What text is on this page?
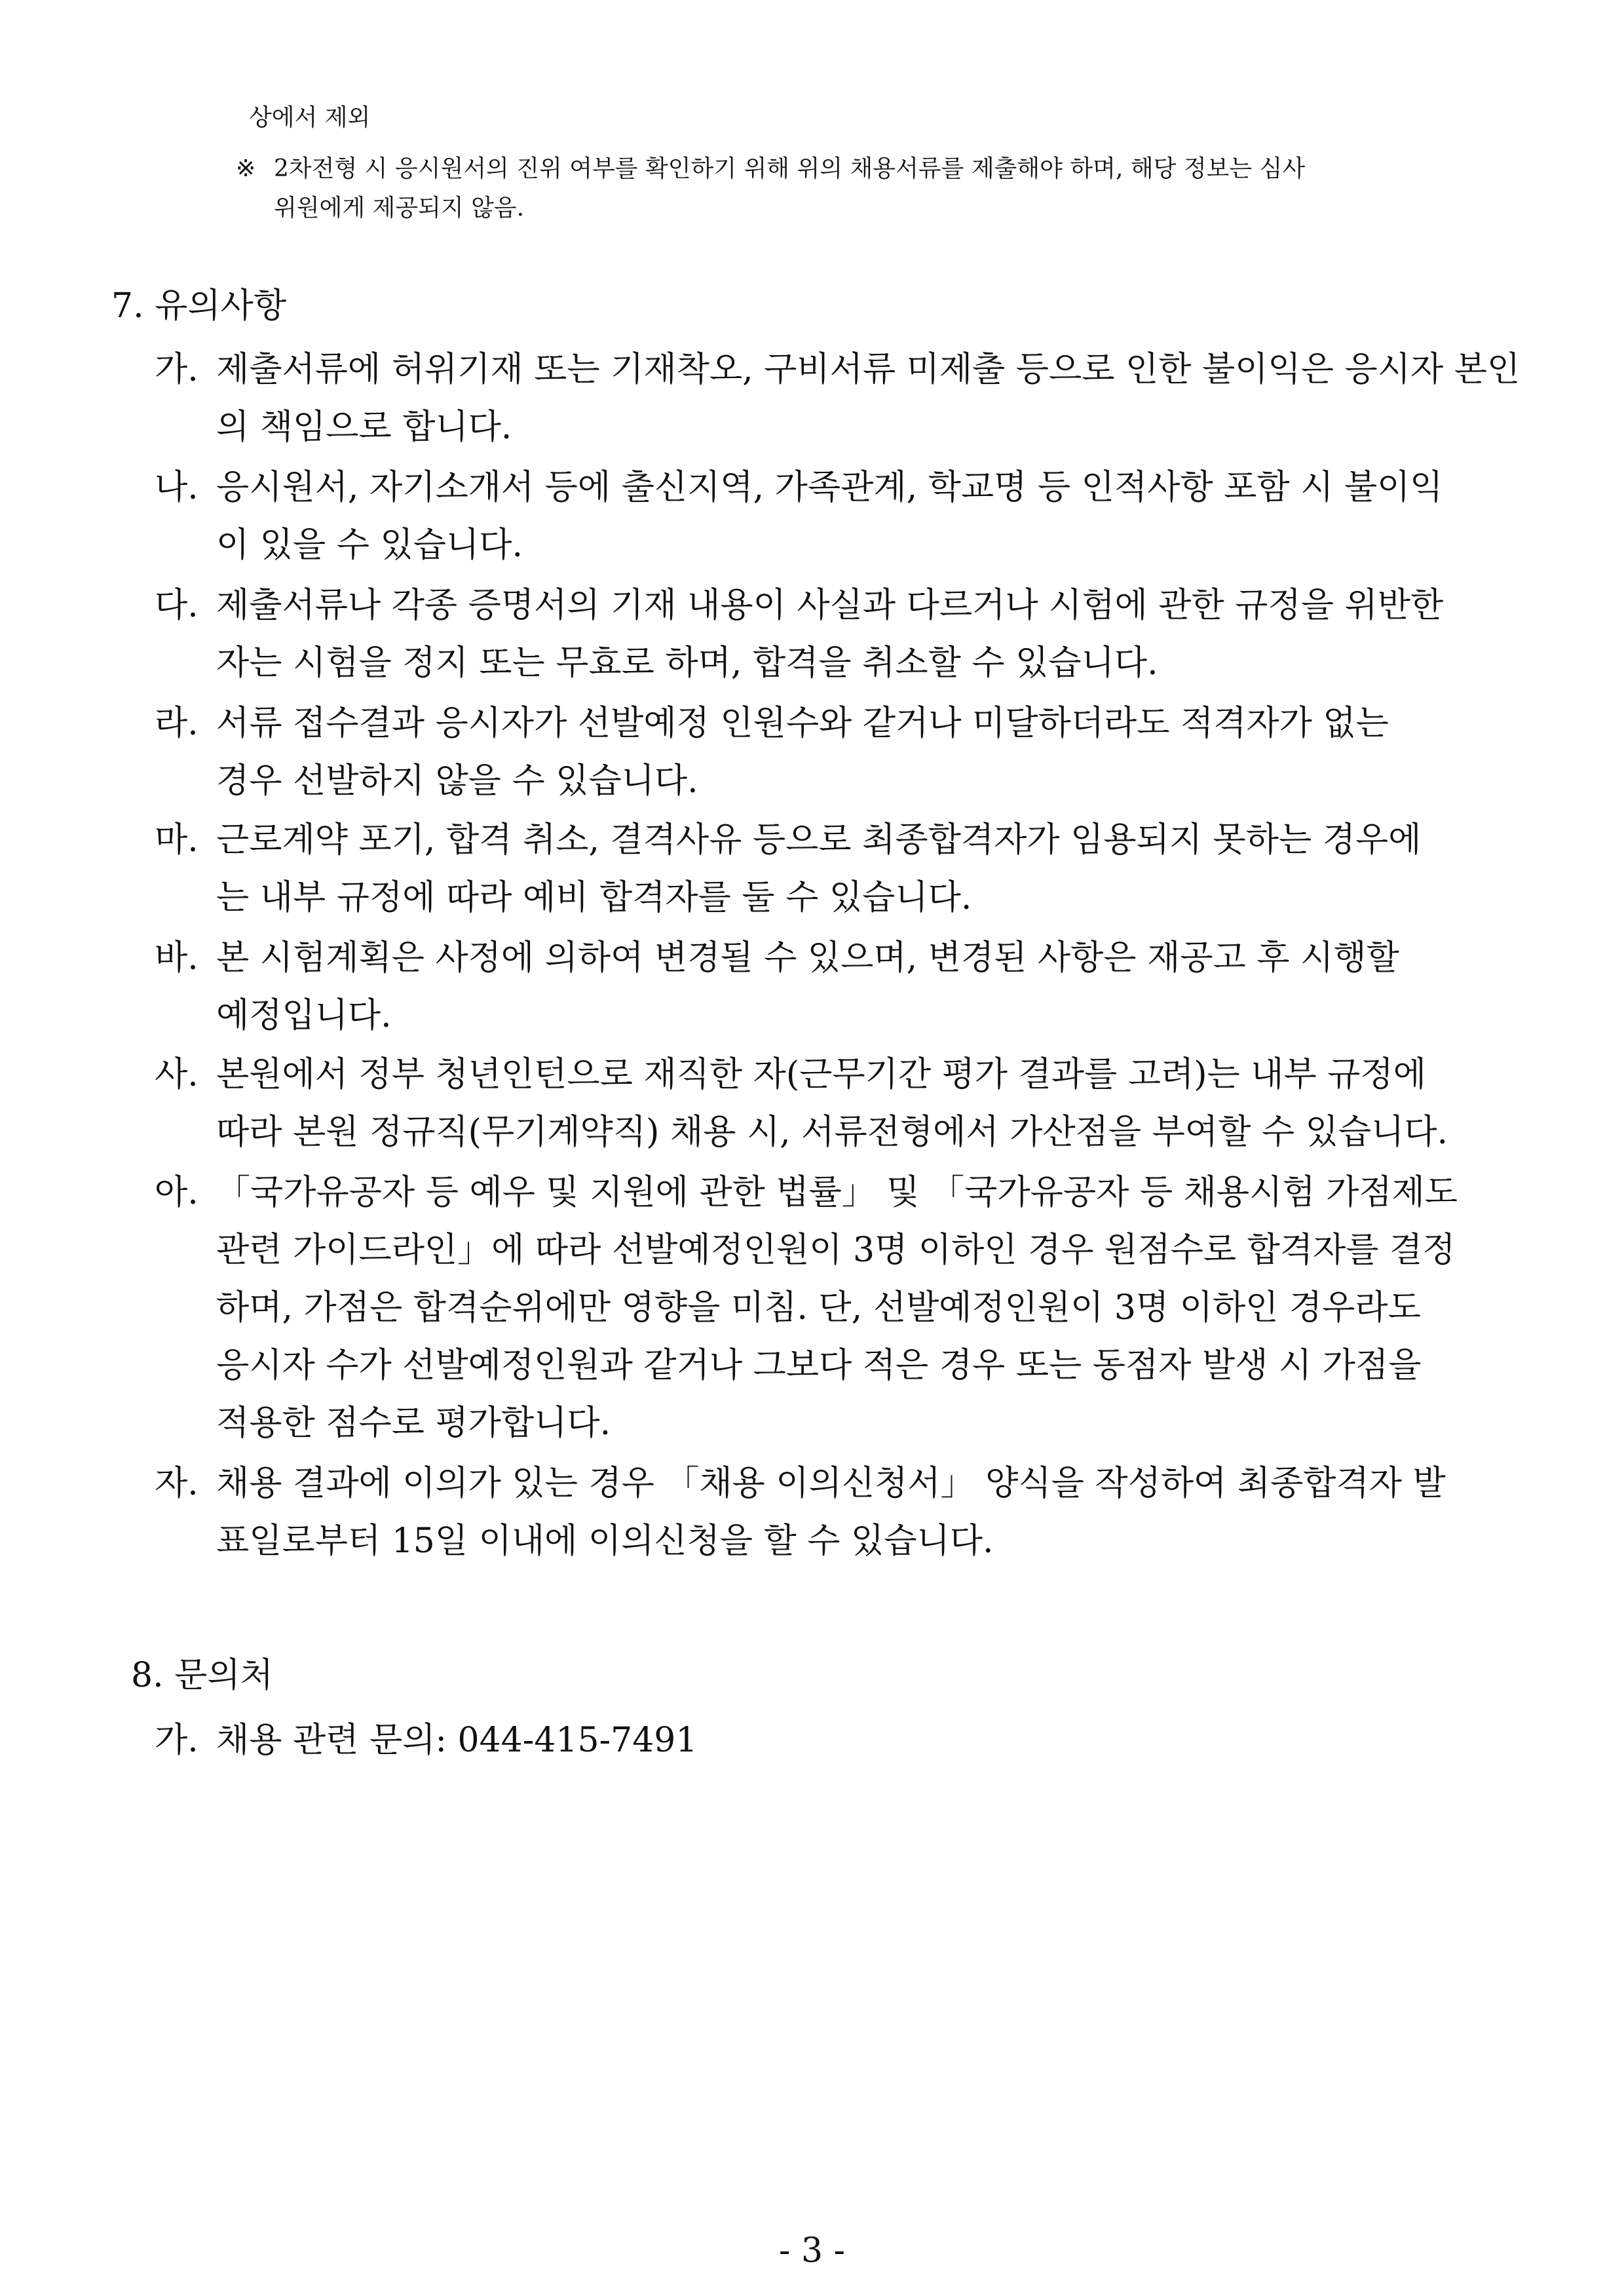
상에서 제외
※ 2차전형 시 응시원서의 진위 여부를 확인하기 위해 위의 채용서류를 제출해야 하며, 해당 정보는 심사
위원에게 제공되지 않음.
7. 유의사항
가. 제출서류에 허위기재 또는 기재착오, 구비서류 미제출 등으로 인한 불이익은 응시자 본인
의 책임으로 합니다.
나. 응시원서, 자기소개서 등에 출신지역, 가족관계, 학교명 등 인적사항 포함 시 불이익
이 있을 수 있습니다.
다. 제출서류나 각종 증명서의 기재 내용이 사실과 다르거나 시험에 관한 규정을 위반한
자는 시험을 정지 또는 무효로 하며, 합격을 취소할 수 있습니다.
라. 서류 접수결과 응시자가 선발예정 인원수와 같거나 미달하더라도 적격자가 없는
경우 선발하지 않을 수 있습니다.
마. 근로계약 포기, 합격 취소, 결격사유 등으로 최종합격자가 임용되지 못하는 경우에
는 내부 규정에 따라 예비 합격자를 둘 수 있습니다.
바. 본 시험계획은 사정에 의하여 변경될 수 있으며, 변경된 사항은 재공고 후 시행할
예정입니다.
사. 본원에서 정부 청년인턴으로 재직한 자(근무기간 평가 결과를 고려)는 내부 규정에
따라 본원 정규직(무기계약직) 채용 시, 서류전형에서 가산점을 부여할 수 있습니다.
아. 「국가유공자 등 예우 및 지원에 관한 법률」 및 「국가유공자 등 채용시험 가점제도
관련 가이드라인」에 따라 선발예정인원이 3명 이하인 경우 원점수로 합격자를 결정
하며, 가점은 합격순위에만 영향을 미침. 단, 선발예정인원이 3명 이하인 경우라도
응시자 수가 선발예정인원과 같거나 그보다 적은 경우 또는 동점자 발생 시 가점을
적용한 점수로 평가합니다.
자. 채용 결과에 이의가 있는 경우 「채용 이의신청서」 양식을 작성하여 최종합격자 발
표일로부터 15일 이내에 이의신청을 할 수 있습니다.
8. 문의처
가. 채용 관련 문의: 044-415-7491
- 3 -
